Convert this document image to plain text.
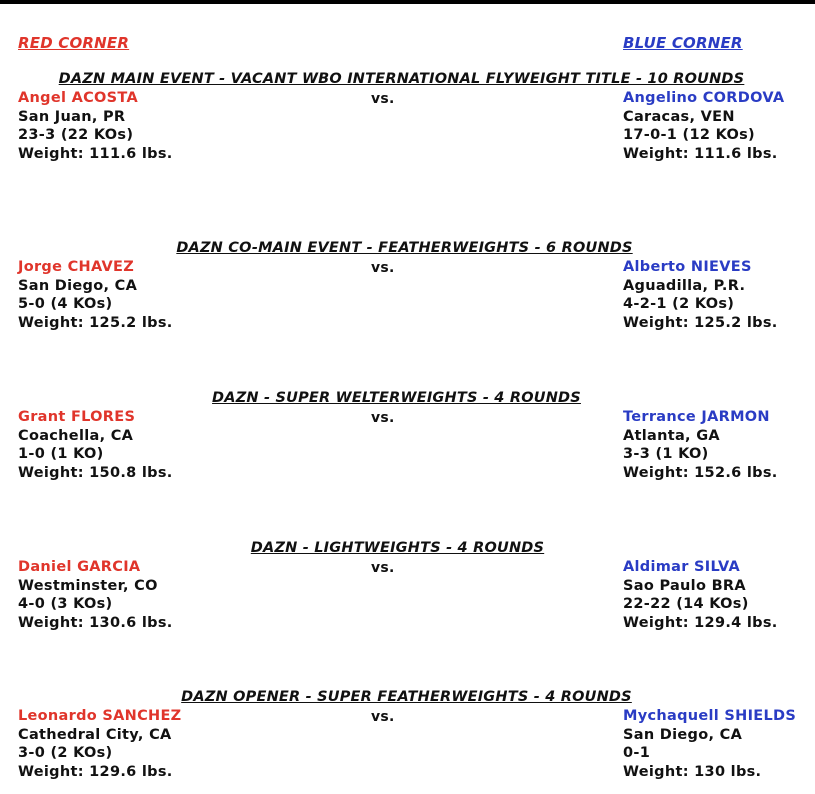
RED CORNER	BLUE CORNER
DAZN MAIN EVENT - VACANT WBO INTERNATIONAL FLYWEIGHT TITLE - 10 ROUNDS
Angel ACOSTA
San Juan, PR
23-3 (22 KOs)
Weight: 111.6 lbs.
vs.	Angelino CORDOVA
Caracas, VEN
17-0-1 (12 KOs)
Weight: 111.6 lbs.
DAZN CO-MAIN EVENT - FEATHERWEIGHTS - 6 ROUNDS
Jorge CHAVEZ
San Diego, CA
5-0 (4 KOs)
Weight: 125.2 lbs.
vs.	Alberto NIEVES
Aguadilla, P.R.
4-2-1 (2 KOs)
Weight: 125.2 lbs.
DAZN - SUPER WELTERWEIGHTS - 4 ROUNDS
Grant FLORES
Coachella, CA
1-0 (1 KO)
Weight: 150.8 lbs.
vs.	Terrance JARMON
Atlanta, GA
3-3 (1 KO)
Weight: 152.6 lbs.
DAZN - LIGHTWEIGHTS - 4 ROUNDS
Daniel GARCIA
Westminster, CO
4-0 (3 KOs)
Weight: 130.6 lbs.
vs.	Aldimar SILVA
Sao Paulo BRA
22-22 (14 KOs)
Weight: 129.4 lbs.
DAZN OPENER - SUPER FEATHERWEIGHTS - 4 ROUNDS
Leonardo SANCHEZ
Cathedral City, CA
3-0 (2 KOs)
Weight: 129.6 lbs.
vs.	Mychaquell SHIELDS
San Diego, CA
0-1
Weight: 130 lbs.
